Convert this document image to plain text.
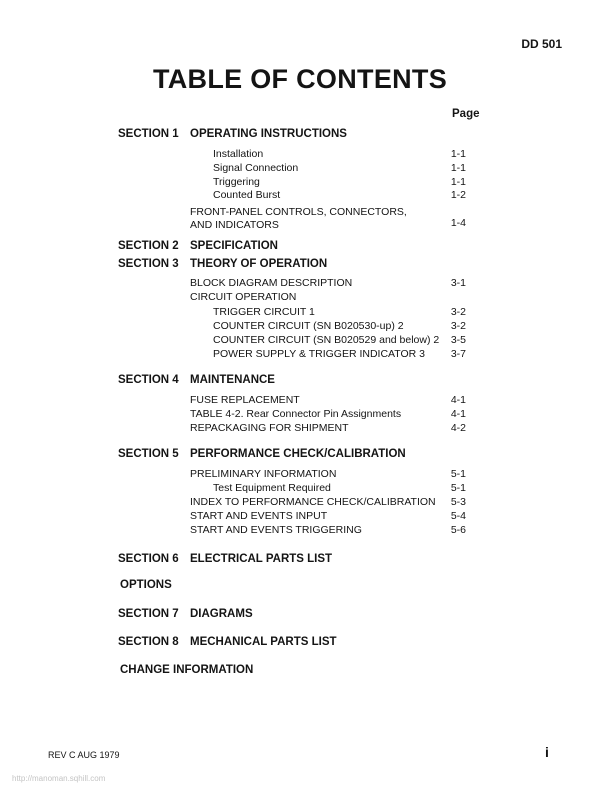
DD 501
TABLE OF CONTENTS
Page
SECTION 1 OPERATING INSTRUCTIONS
Installation	1-1
Signal Connection	1-1
Triggering	1-1
Counted Burst	1-2
FRONT-PANEL CONTROLS, CONNECTORS,
AND INDICATORS	1-4
SECTION 2 SPECIFICATION
SECTION 3 THEORY OF OPERATION
BLOCK DIAGRAM DESCRIPTION	3-1
CIRCUIT OPERATION
TRIGGER CIRCUIT 1	3-2
COUNTER CIRCUIT (SN B020530-up) 2	3-2
COUNTER CIRCUIT (SN B020529 and below) 2	3-5
POWER SUPPLY & TRIGGER INDICATOR 3	3-7
SECTION 4 MAINTENANCE
FUSE REPLACEMENT	4-1
TABLE 4-2. Rear Connector Pin Assignments	4-1
REPACKAGING FOR SHIPMENT	4-2
SECTION 5 PERFORMANCE CHECK/CALIBRATION
PRELIMINARY INFORMATION	5-1
Test Equipment Required	5-1
INDEX TO PERFORMANCE CHECK/CALIBRATION	5-3
START AND EVENTS INPUT	5-4
START AND EVENTS TRIGGERING	5-6
SECTION 6 ELECTRICAL PARTS LIST
OPTIONS
SECTION 7 DIAGRAMS
SECTION 8 MECHANICAL PARTS LIST
CHANGE INFORMATION
REV C AUG 1979	i
http://manoman.sqhill.com
